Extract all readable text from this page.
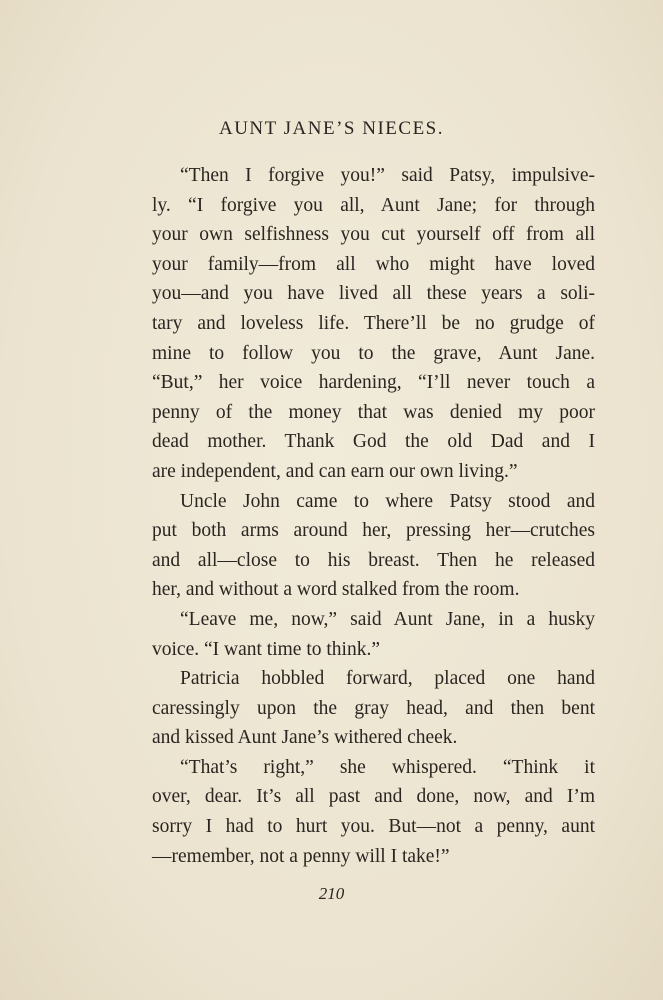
AUNT JANE’S NIECES.
“Then I forgive you!” said Patsy, impulsive-
ly. “I forgive you all, Aunt Jane; for through
your own selfishness you cut yourself off from all
your family—from all who might have loved
you—and you have lived all these years a soli-
tary and loveless life. There’ll be no grudge of
mine to follow you to the grave, Aunt Jane.
“But,” her voice hardening, “I’ll never touch a
penny of the money that was denied my poor
dead mother. Thank God the old Dad and I
are independent, and can earn our own living.”
Uncle John came to where Patsy stood and
put both arms around her, pressing her—crutches
and all—close to his breast. Then he released
her, and without a word stalked from the room.
“Leave me, now,” said Aunt Jane, in a husky
voice. “I want time to think.”
Patricia hobbled forward, placed one hand
caressingly upon the gray head, and then bent
and kissed Aunt Jane’s withered cheek.
“That’s right,” she whispered. “Think it
over, dear. It’s all past and done, now, and I’m
sorry I had to hurt you. But—not a penny, aunt
—remember, not a penny will I take!”
210
